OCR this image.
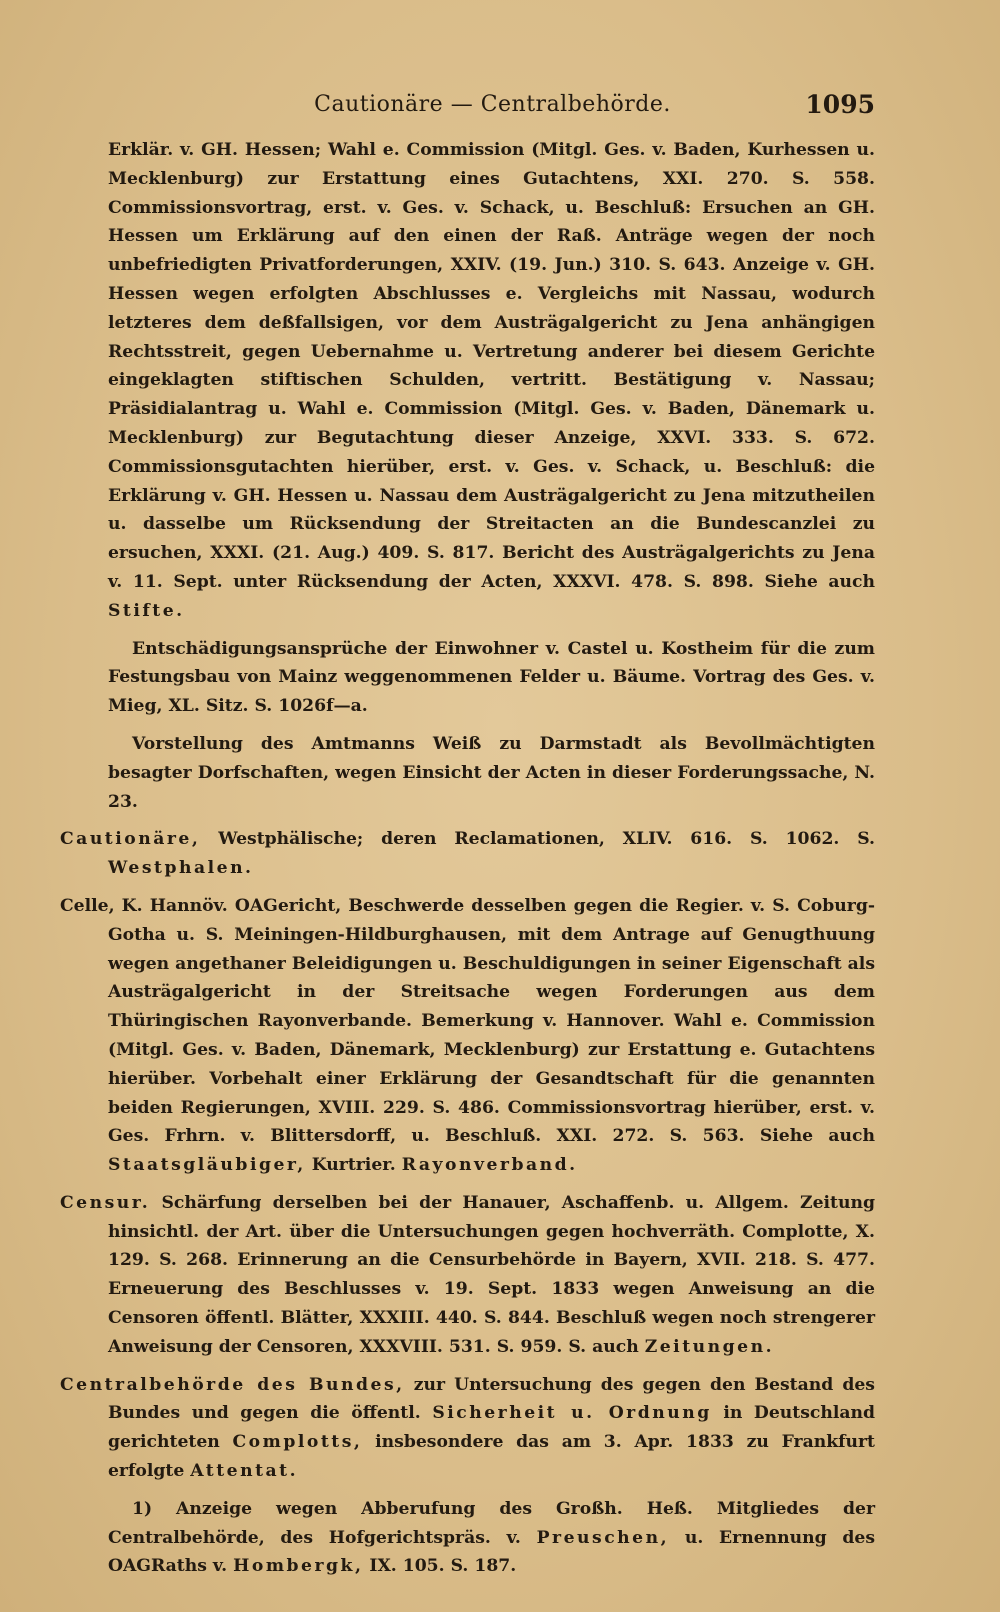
Cautionäre — Centralbehörde.	1095

Erklär. v. GH. Hessen; Wahl e. Commission (Mitgl. Ges. v. Baden, Kurhessen u. Mecklenburg) zur Erstattung eines Gutachtens, XXI. 270. S. 558. Commissionsvortrag, erst. v. Ges. v. Schack, u. Beschluß: Ersuchen an GH. Hessen um Erklärung auf den einen der Raß. Anträge wegen der noch unbefriedigten Privatforderungen, XXIV. (19. Jun.) 310. S. 643. Anzeige v. GH. Hessen wegen erfolgten Abschlusses e. Vergleichs mit Nassau, wodurch letzteres dem deßfallsigen, vor dem Austrägalgericht zu Jena anhängigen Rechtsstreit, gegen Uebernahme u. Vertretung anderer bei diesem Gerichte eingeklagten stiftischen Schulden, vertritt. Bestätigung v. Nassau; Präsidialantrag u. Wahl e. Commission (Mitgl. Ges. v. Baden, Dänemark u. Mecklenburg) zur Begutachtung dieser Anzeige, XXVI. 333. S. 672. Commissionsgutachten hierüber, erst. v. Ges. v. Schack, u. Beschluß: die Erklärung v. GH. Hessen u. Nassau dem Austrägalgericht zu Jena mitzutheilen u. dasselbe um Rücksendung der Streitacten an die Bundescanzlei zu ersuchen, XXXI. (21. Aug.) 409. S. 817. Bericht des Austrägalgerichts zu Jena v. 11. Sept. unter Rücksendung der Acten, XXXVI. 478. S. 898. Siehe auch Stifte.

Entschädigungsansprüche der Einwohner v. Castel u. Kostheim für die zum Festungsbau von Mainz weggenommenen Felder u. Bäume. Vortrag des Ges. v. Mieg, XL. Sitz. S. 1026f—a.

Vorstellung des Amtmanns Weiß zu Darmstadt als Bevollmächtigten besagter Dorfschaften, wegen Einsicht der Acten in dieser Forderungssache, N. 23.

Cautionäre, Westphälische; deren Reclamationen, XLIV. 616. S. 1062. S. Westphalen.

Celle, K. Hannöv. OAGericht, Beschwerde desselben gegen die Regier. v. S. Coburg-Gotha u. S. Meiningen-Hildburghausen, mit dem Antrage auf Genugthuung wegen angethaner Beleidigungen u. Beschuldigungen in seiner Eigenschaft als Austrägalgericht in der Streitsache wegen Forderungen aus dem Thüringischen Rayonverbande. Bemerkung v. Hannover. Wahl e. Commission (Mitgl. Ges. v. Baden, Dänemark, Mecklenburg) zur Erstattung e. Gutachtens hierüber. Vorbehalt einer Erklärung der Gesandtschaft für die genannten beiden Regierungen, XVIII. 229. S. 486. Commissionsvortrag hierüber, erst. v. Ges. Frhrn. v. Blittersdorff, u. Beschluß. XXI. 272. S. 563. Siehe auch Staatsgläubiger, Kurtrier. Rayonverband.

Censur. Schärfung derselben bei der Hanauer, Aschaffenb. u. Allgem. Zeitung hinsichtl. der Art. über die Untersuchungen gegen hochverräth. Complotte, X. 129. S. 268. Erinnerung an die Censurbehörde in Bayern, XVII. 218. S. 477. Erneuerung des Beschlusses v. 19. Sept. 1833 wegen Anweisung an die Censoren öffentl. Blätter, XXXIII. 440. S. 844. Beschluß wegen noch strengerer Anweisung der Censoren, XXXVIII. 531. S. 959. S. auch Zeitungen.

Centralbehörde des Bundes, zur Untersuchung des gegen den Bestand des Bundes und gegen die öffentl. Sicherheit u. Ordnung in Deutschland gerichteten Complotts, insbesondere das am 3. Apr. 1833 zu Frankfurt erfolgte Attentat.

1) Anzeige wegen Abberufung des Großh. Heß. Mitgliedes der Centralbehörde, des Hofgerichtspräs. v. Preuschen, u. Ernennung des OAGRaths v. Hombergk, IX. 105. S. 187.
